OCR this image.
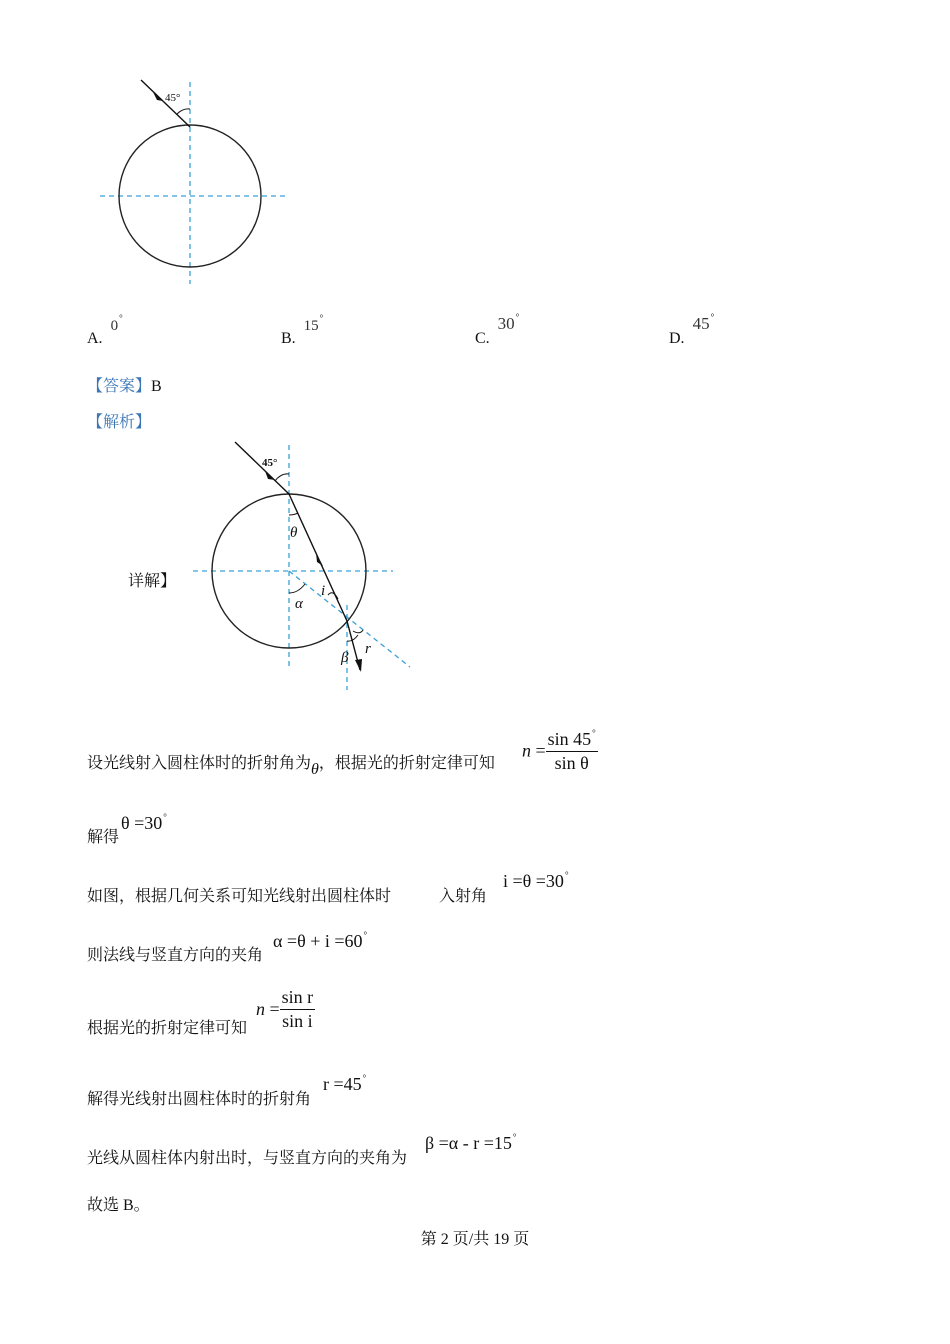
45°
A. 0°
B. 15°
C. 30°
D. 45°
【答案】B
【解析】
详解】
45°
θ
α
i
β
r
设光线射入圆柱体时的折射角为θ，根据光的折射定律可知
$n = \frac{\sin 45^\circ}{\text{sin θ}}$
解得
θ =30°
如图，根据几何关系可知光线射出圆柱体时	入射角
i =θ =30°
则法线与竖直方向的夹角
α =θ + i =60°
根据光的折射定律可知
$n = \frac{\text{sin r}}{\text{sin i}}$
解得光线射出圆柱体时的折射角
r =45°
光线从圆柱体内射出时，与竖直方向的夹角为
β =α - r =15°
故选 B。
第 2 页/共 19 页
